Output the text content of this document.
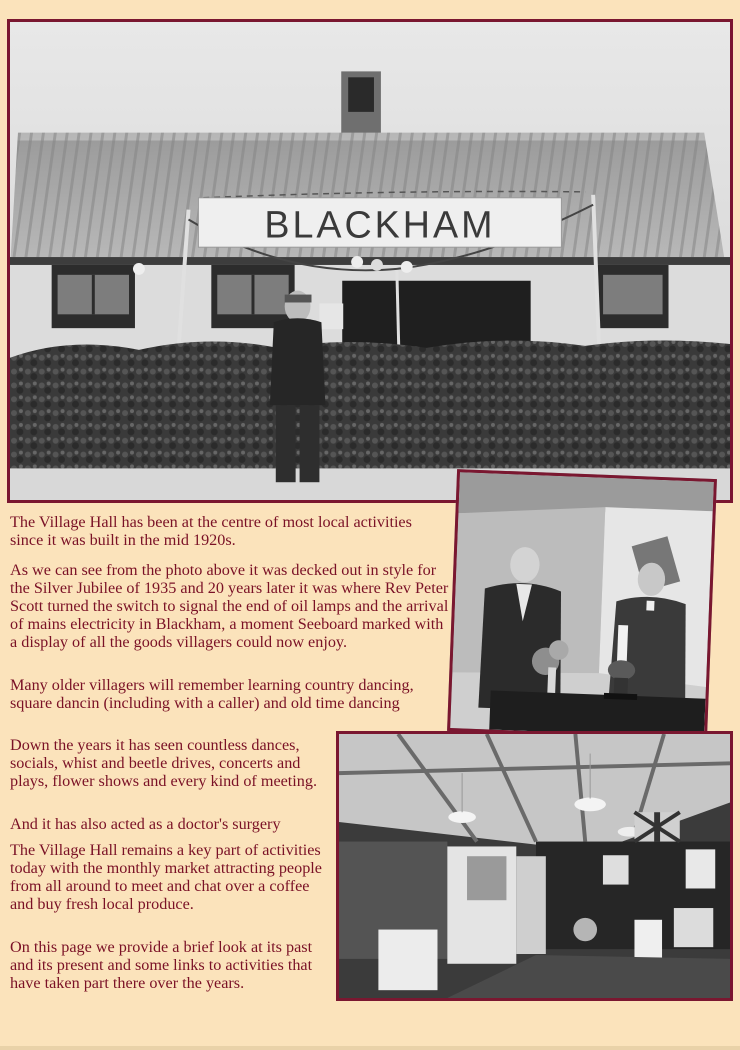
BLACKHAM

The Village Hall has been at the centre of most local activities since it was built in the mid 1920s.

As we can see from the photo above it was decked out in style for the Silver Jubilee of 1935 and 20 years later it was where Rev Peter Scott turned the switch to signal the end of oil lamps and the arrival of mains electricity in Blackham, a moment Seeboard marked with a display of all the goods villagers could now enjoy.

Many older villagers will remember learning country dancing, square dancin (including with a caller) and old time dancing

Down the years it has seen countless dances, socials, whist and beetle drives, concerts and plays, flower shows and every kind of meeting.

And it has also acted as a doctor's surgery

The Village Hall remains a key part of activities today with the monthly market attracting people from all around to meet and chat over a coffee and buy fresh local produce.

On this page we provide a brief look at its past and its present and some links to activities that have taken part there over the years.
